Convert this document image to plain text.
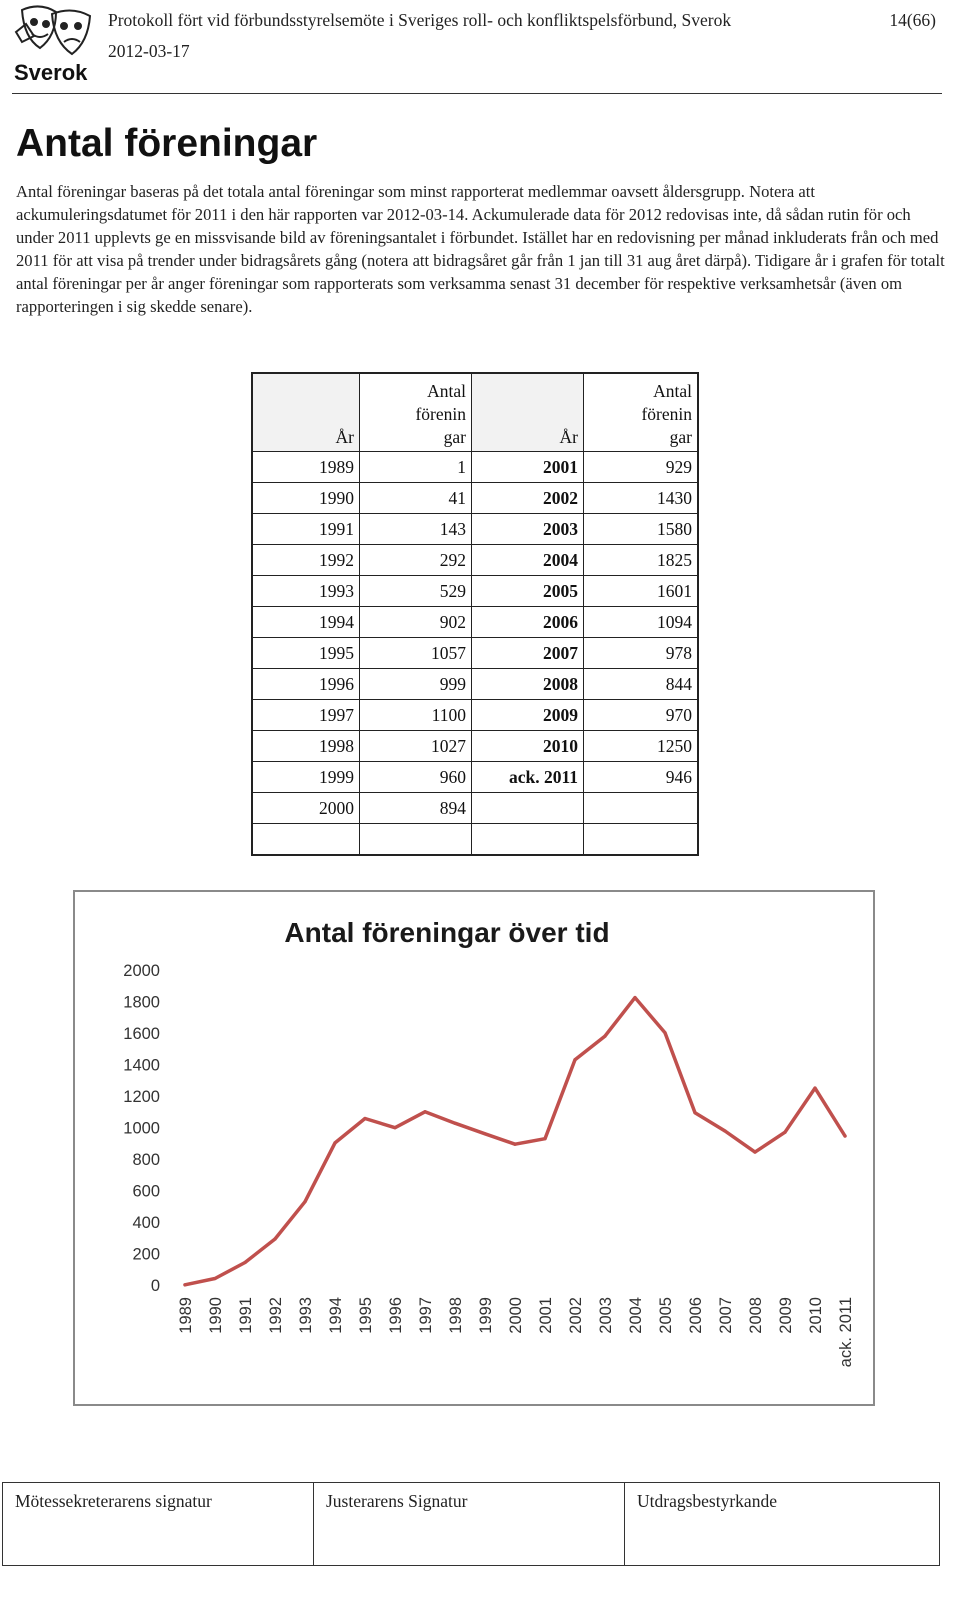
Sverok
Protokoll fört vid förbundsstyrelsemöte i Sveriges roll- och konfliktspelsförbund, Sverok
2012-03-17
14(66)
Antal föreningar
Antal föreningar baseras på det totala antal föreningar som minst rapporterat medlemmar oavsett åldersgrupp. Notera att ackumuleringsdatumet för 2011 i den här rapporten var 2012-03-14. Ackumulerade data för 2012 redovisas inte, då sådan rutin för och under 2011 upplevts ge en missvisande bild av föreningsantalet i förbundet. Istället har en redovisning per månad inkluderats från och med 2011 för att visa på trender under bidragsårets gång (notera att bidragsåret går från 1 jan till 31 aug året därpå). Tidigare år i grafen för totalt antal föreningar per år anger föreningar som rapporterats som verksamma senast 31 december för respektive verksamhetsår (även om rapporteringen i sig skedde senare).
År	Antal
förenin
gar	År	Antal
förenin
gar
1989	1	2001	929
1990	41	2002	1430
1991	143	2003	1580
1992	292	2004	1825
1993	529	2005	1601
1994	902	2006	1094
1995	1057	2007	978
1996	999	2008	844
1997	1100	2009	970
1998	1027	2010	1250
1999	960	ack. 2011	946
2000	894		

Antal föreningar över tid
0
200
400
600
800
1000
1200
1400
1600
1800
2000
1989 1990 1991 1992 1993 1994 1995 1996 1997 1998 1999 2000 2001 2002 2003 2004 2005 2006 2007 2008 2009 2010 ack. 2011
Mötessekreterarens signatur	Justerarens Signatur	Utdragsbestyrkande
